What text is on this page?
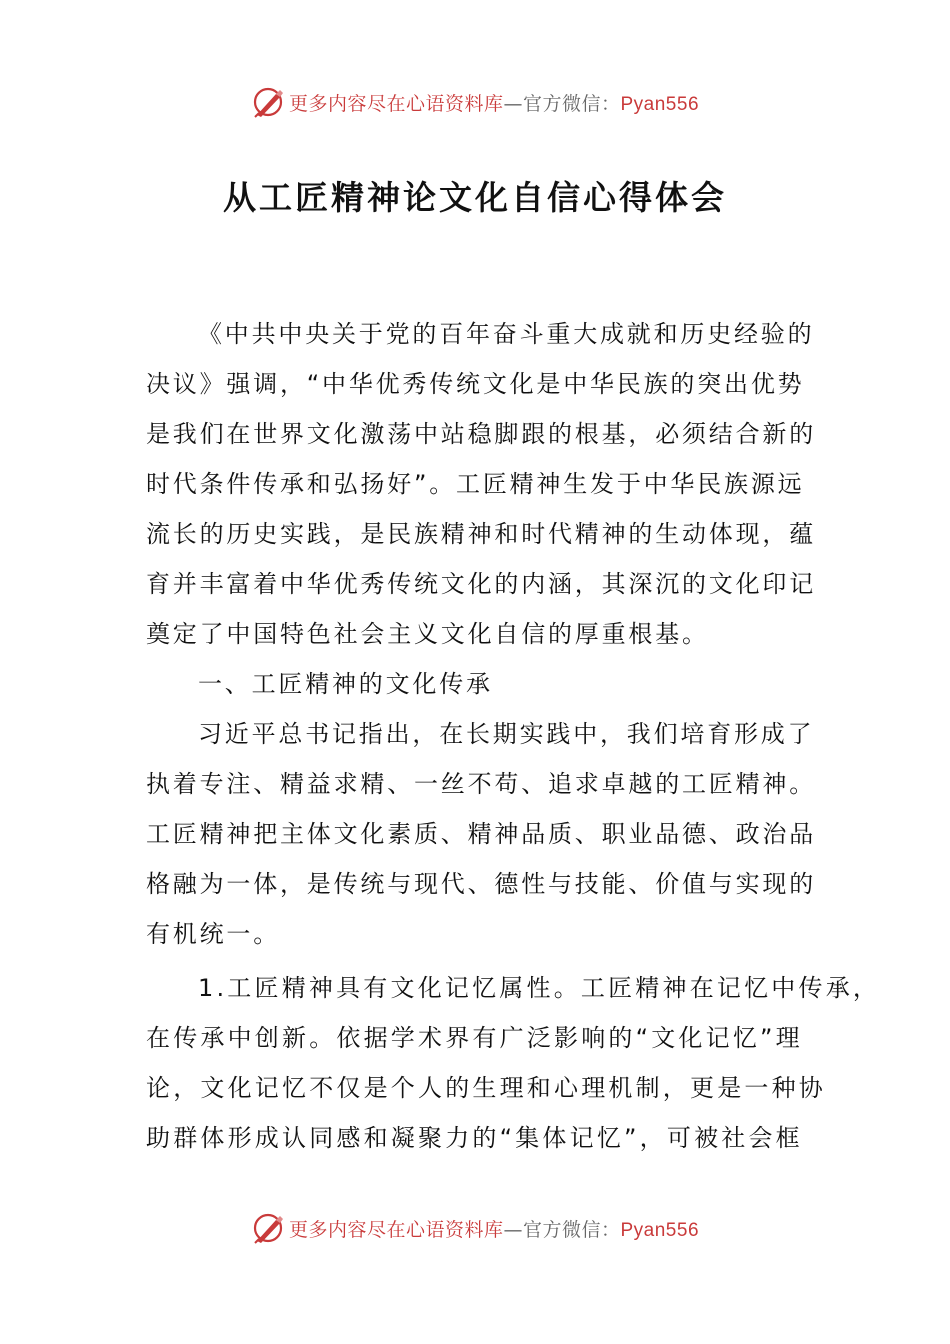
更多内容尽在心语资料库—官方微信：Pyan556
从工匠精神论文化自信心得体会
《中共中央关于党的百年奋斗重大成就和历史经验的
决议》强调，“中华优秀传统文化是中华民族的突出优势
是我们在世界文化激荡中站稳脚跟的根基，必须结合新的
时代条件传承和弘扬好”。工匠精神生发于中华民族源远
流长的历史实践，是民族精神和时代精神的生动体现，蕴
育并丰富着中华优秀传统文化的内涵，其深沉的文化印记
奠定了中国特色社会主义文化自信的厚重根基。
一、工匠精神的文化传承
习近平总书记指出，在长期实践中，我们培育形成了
执着专注、精益求精、一丝不苟、追求卓越的工匠精神。
工匠精神把主体文化素质、精神品质、职业品德、政治品
格融为一体，是传统与现代、德性与技能、价值与实现的
有机统一。
1.工匠精神具有文化记忆属性。工匠精神在记忆中传承，
在传承中创新。依据学术界有广泛影响的“文化记忆”理
论，文化记忆不仅是个人的生理和心理机制，更是一种协
助群体形成认同感和凝聚力的“集体记忆”，可被社会框
更多内容尽在心语资料库—官方微信：Pyan556
